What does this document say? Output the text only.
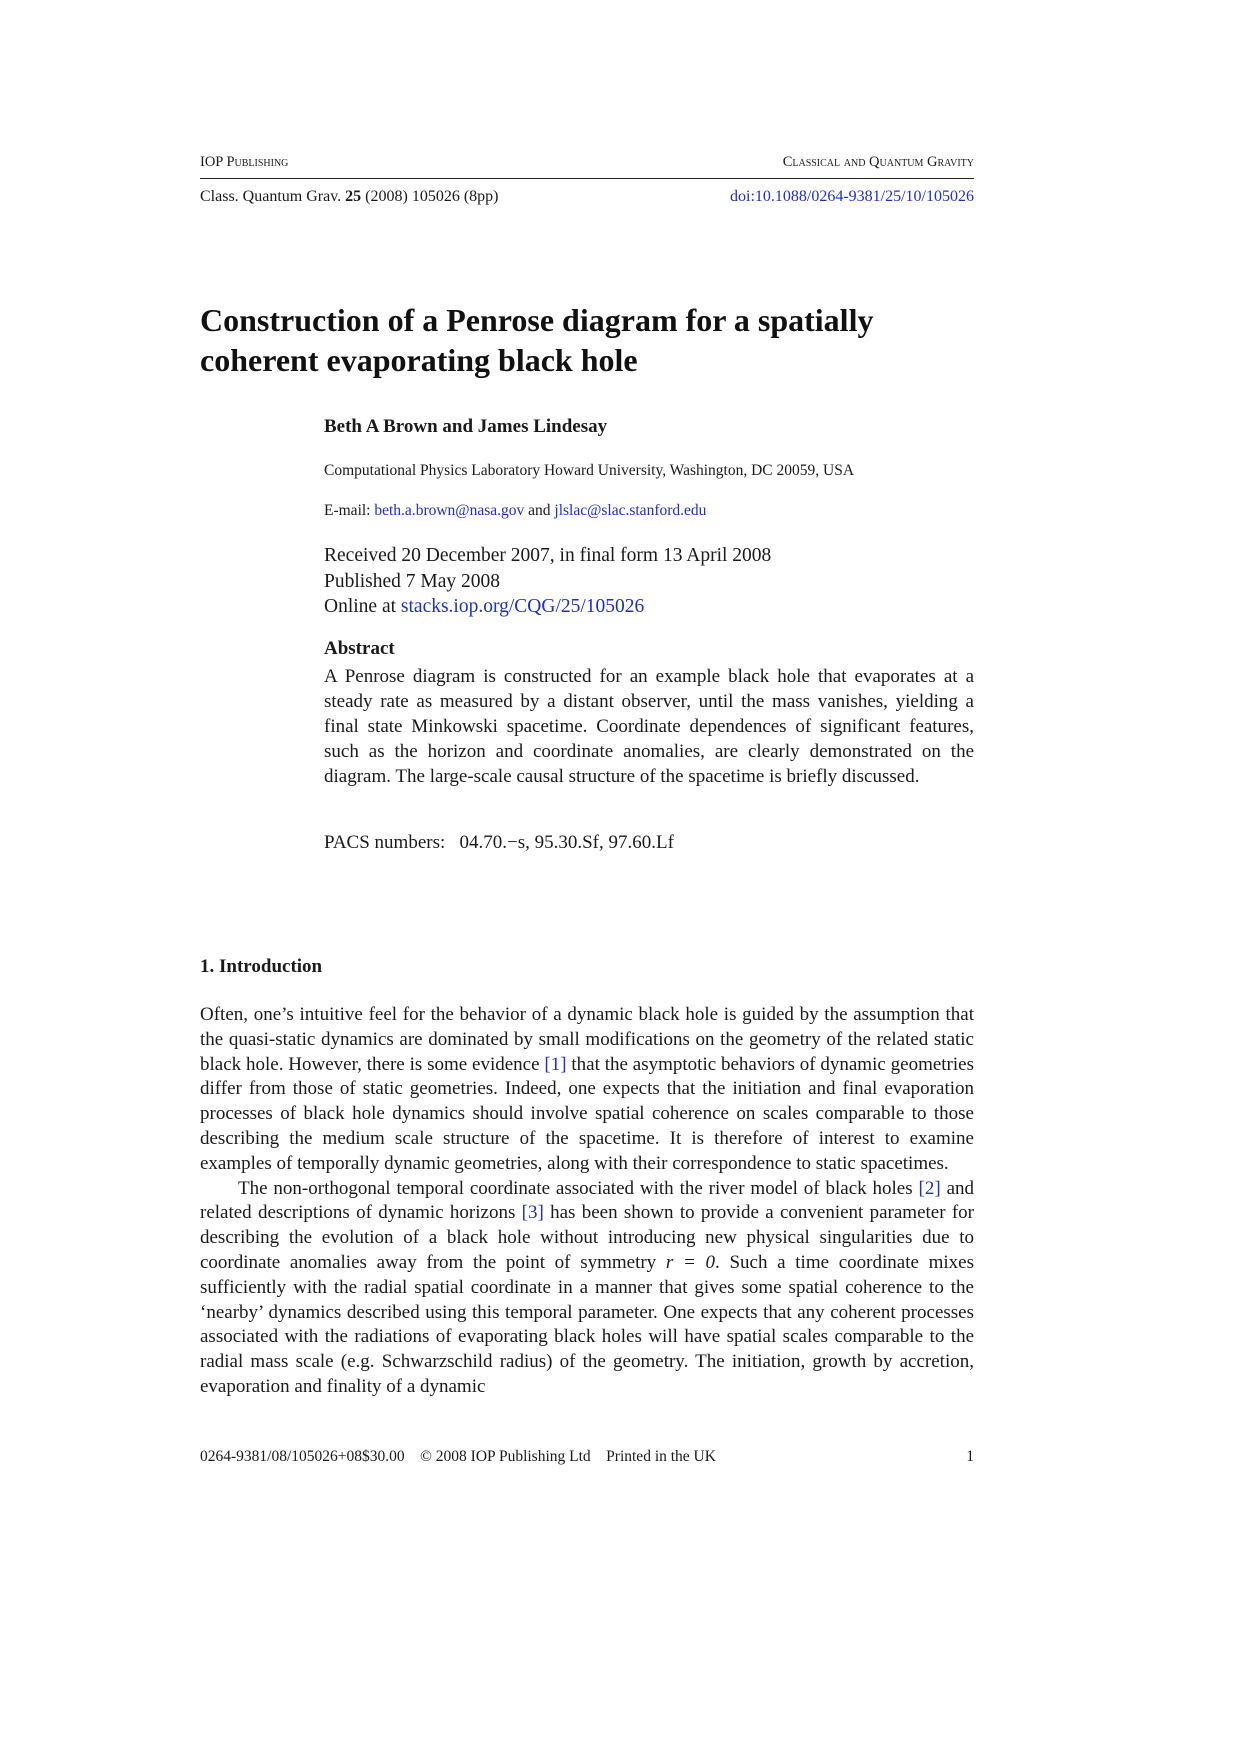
IOP Publishing	Classical and Quantum Gravity
Class. Quantum Grav. 25 (2008) 105026 (8pp)	doi:10.1088/0264-9381/25/10/105026
Construction of a Penrose diagram for a spatially
coherent evaporating black hole
Beth A Brown and James Lindesay
Computational Physics Laboratory Howard University, Washington, DC 20059, USA
E-mail: beth.a.brown@nasa.gov and jlslac@slac.stanford.edu
Received 20 December 2007, in final form 13 April 2008
Published 7 May 2008
Online at stacks.iop.org/CQG/25/105026
Abstract
A Penrose diagram is constructed for an example black hole that evaporates at a steady rate as measured by a distant observer, until the mass vanishes, yielding a final state Minkowski spacetime. Coordinate dependences of significant features, such as the horizon and coordinate anomalies, are clearly demonstrated on the diagram. The large-scale causal structure of the spacetime is briefly discussed.
PACS numbers:   04.70.−s, 95.30.Sf, 97.60.Lf
1. Introduction

Often, one’s intuitive feel for the behavior of a dynamic black hole is guided by the assumption that the quasi-static dynamics are dominated by small modifications on the geometry of the related static black hole. However, there is some evidence [1] that the asymptotic behaviors of dynamic geometries differ from those of static geometries. Indeed, one expects that the initiation and final evaporation processes of black hole dynamics should involve spatial coherence on scales comparable to those describing the medium scale structure of the spacetime. It is therefore of interest to examine examples of temporally dynamic geometries, along with their correspondence to static spacetimes.

The non-orthogonal temporal coordinate associated with the river model of black holes [2] and related descriptions of dynamic horizons [3] has been shown to provide a convenient parameter for describing the evolution of a black hole without introducing new physical singularities due to coordinate anomalies away from the point of symmetry r = 0. Such a time coordinate mixes sufficiently with the radial spatial coordinate in a manner that gives some spatial coherence to the ‘nearby’ dynamics described using this temporal parameter. One expects that any coherent processes associated with the radiations of evaporating black holes will have spatial scales comparable to the radial mass scale (e.g. Schwarzschild radius) of the geometry. The initiation, growth by accretion, evaporation and finality of a dynamic

0264-9381/08/105026+08$30.00    © 2008 IOP Publishing Ltd    Printed in the UK	1
